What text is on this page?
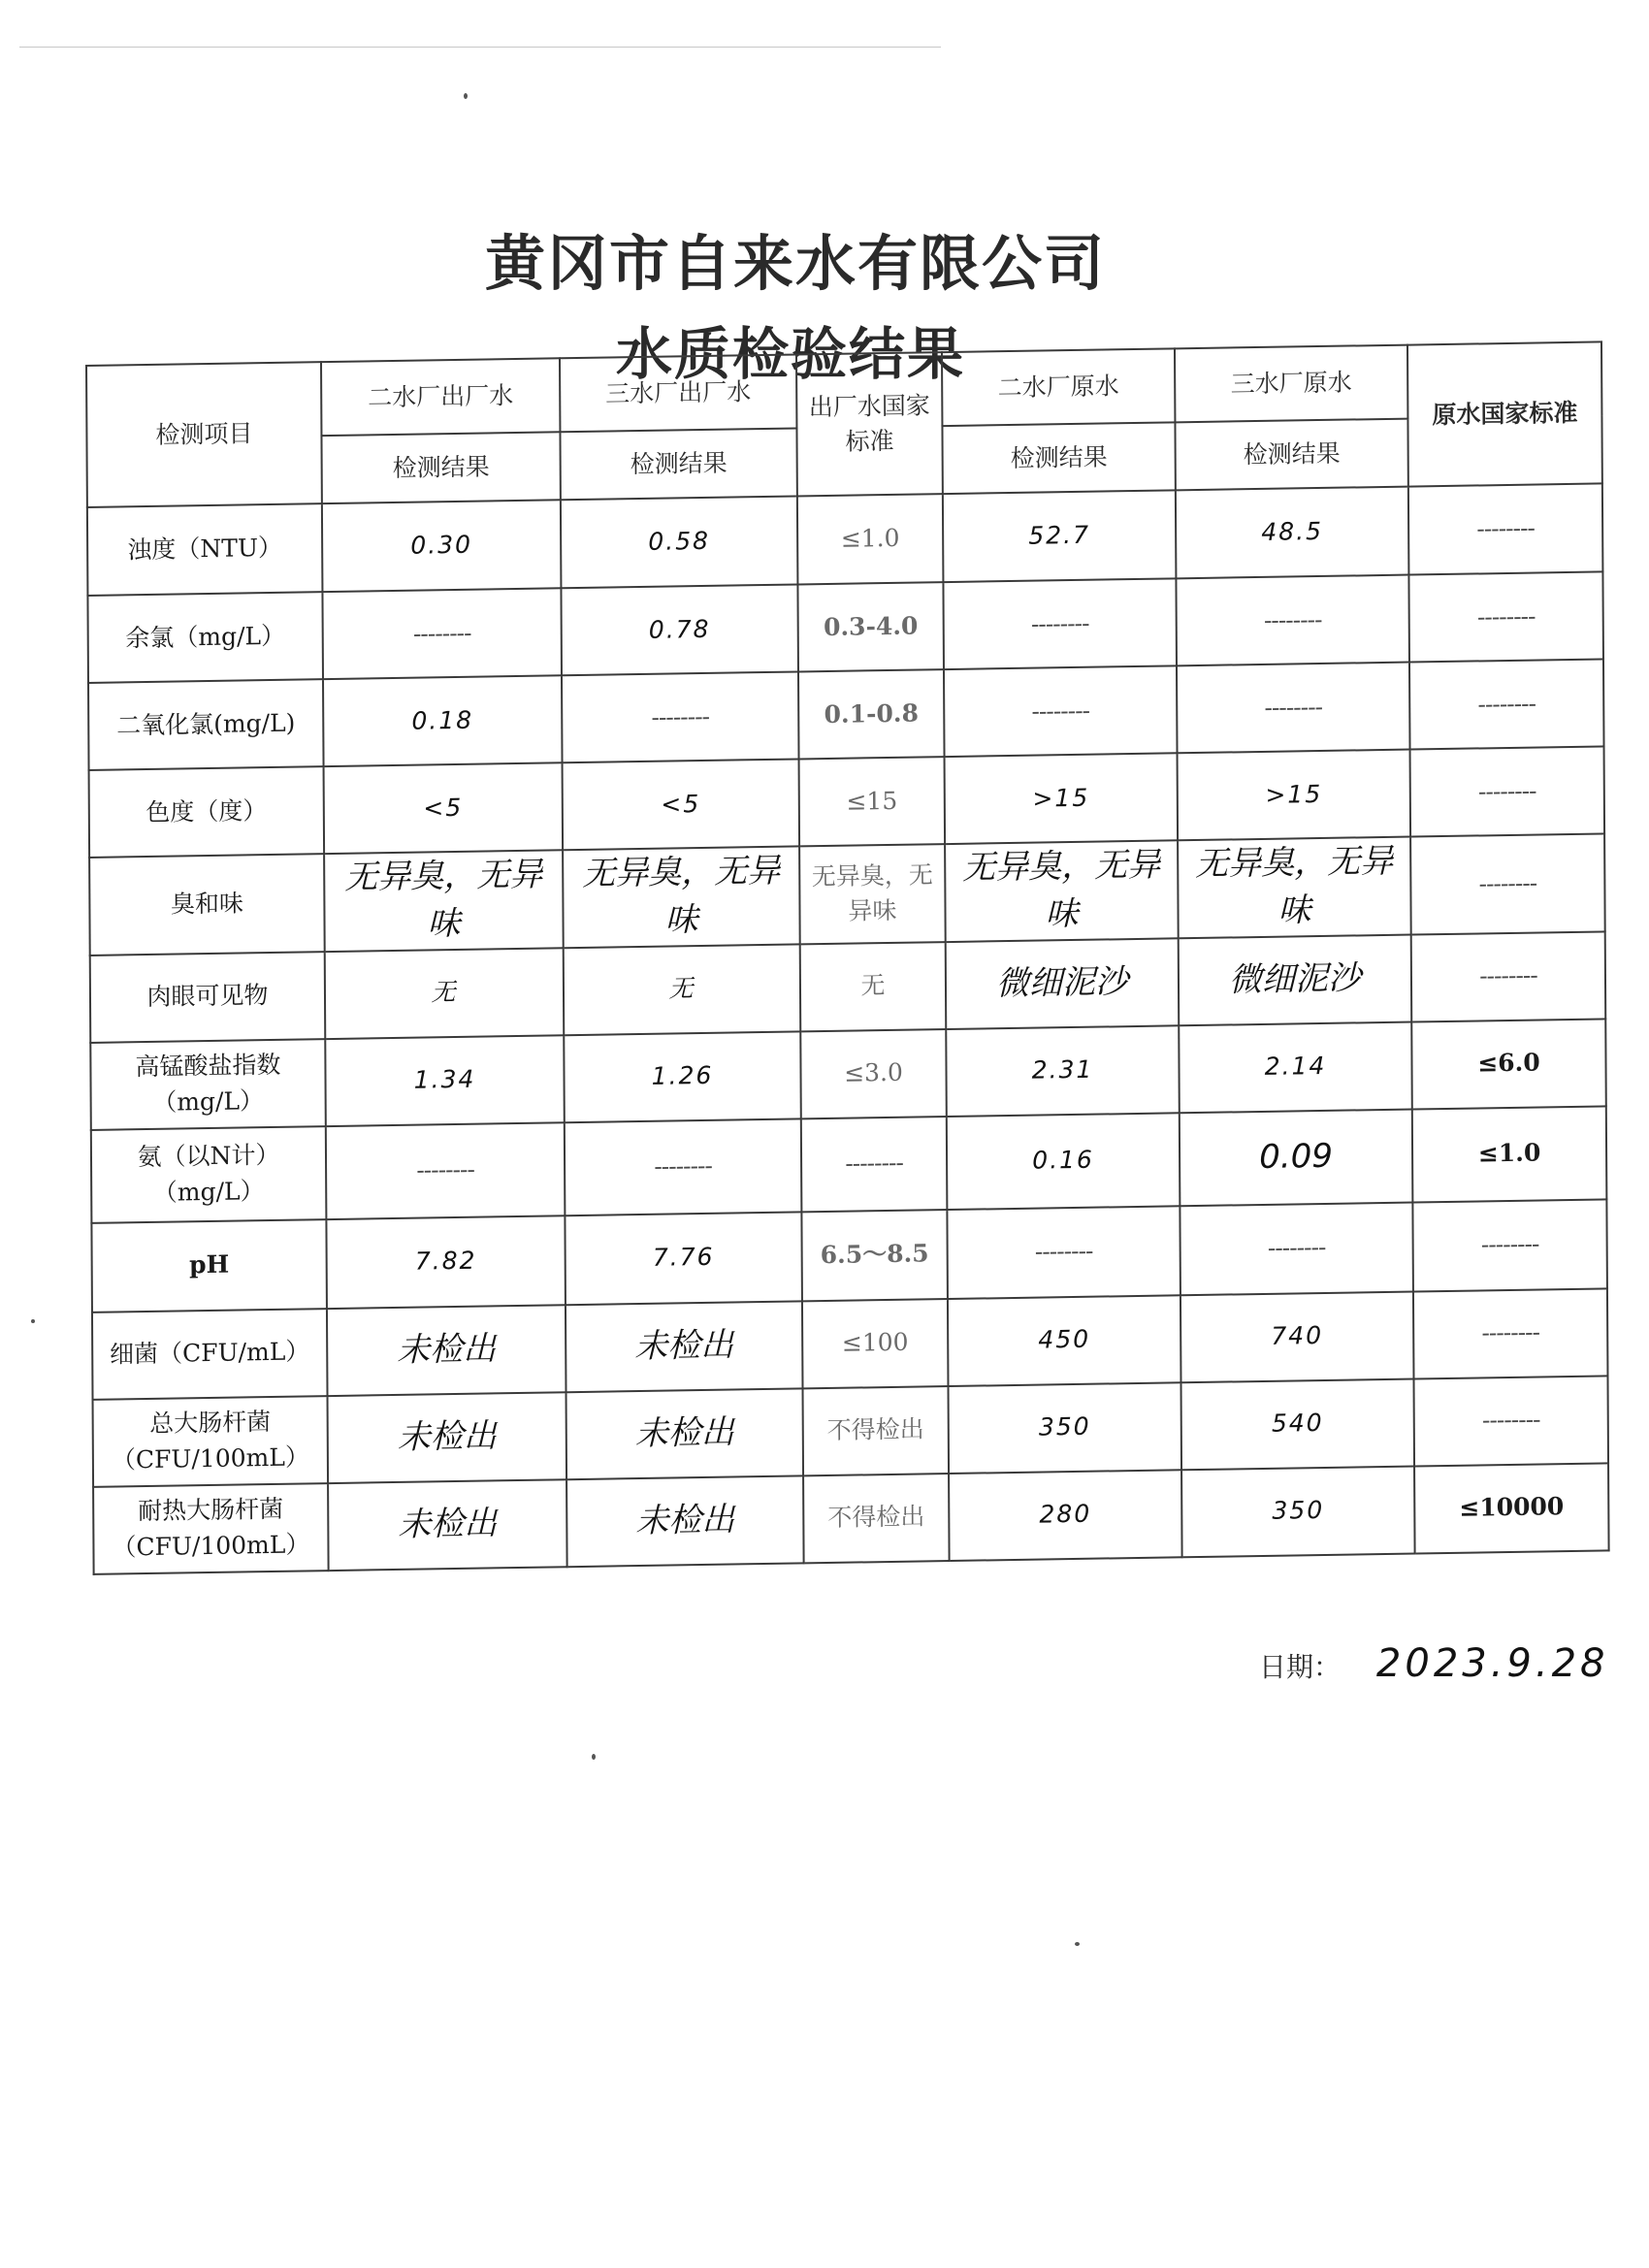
黄冈市自来水有限公司
水质检验结果
检测项目	二水厂出厂水	三水厂出厂水	出厂水国家标准	二水厂原水	三水厂原水	原水国家标准
	检测结果	检测结果		检测结果	检测结果	
浊度（NTU）	0.30	0.58	≤1.0	52.7	48.5	--------
余氯（mg/L）	--------	0.78	0.3-4.0	--------	--------	--------
二氧化氯(mg/L)	0.18	--------	0.1-0.8	--------	--------	--------
色度（度）	<5	<5	≤15	>15	>15	--------
臭和味	无异臭，无异味	无异臭，无异味	无异臭，无异味	无异臭，无异味	无异臭，无异味	--------
肉眼可见物	无	无	无	微细泥沙	微细泥沙	--------
高锰酸盐指数（mg/L）	1.34	1.26	≤3.0	2.31	2.14	≤6.0
氨（以N计）（mg/L）	--------	--------	--------	0.16	0.09	≤1.0
pH	7.82	7.76	6.5～8.5	--------	--------	--------
细菌（CFU/mL）	未检出	未检出	≤100	450	740	--------
总大肠杆菌（CFU/100mL）	未检出	未检出	不得检出	350	540	--------
耐热大肠杆菌（CFU/100mL）	未检出	未检出	不得检出	280	350	≤10000
日期： 2023.9.28
